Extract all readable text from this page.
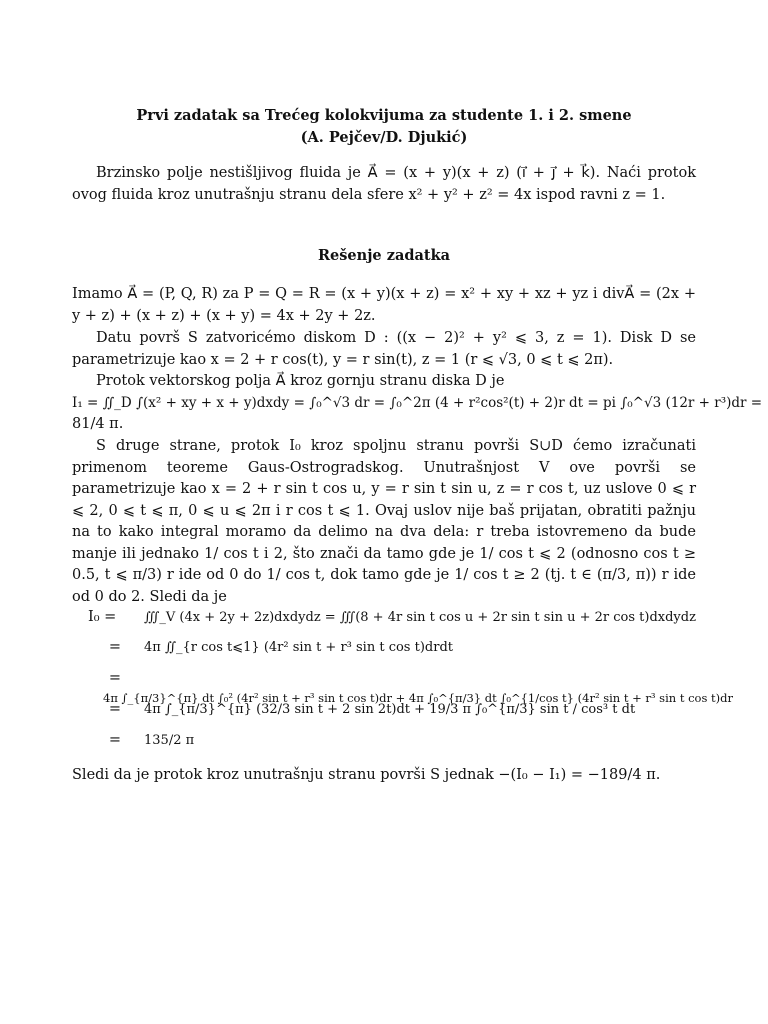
Prvi zadatak sa Trećeg kolokvijuma za studente 1. i 2. smene
(A. Pejčev/D. Djukić)
Brzinsko polje nestišljivog fluida je A⃗ = (x + y)(x + z) (i⃗ + j⃗ + k⃗). Naći protok ovog fluida kroz unutrašnju stranu dela sfere x² + y² + z² = 4x ispod ravni z = 1.
Rešenje zadatka
Imamo A⃗ = (P, Q, R) za P = Q = R = (x + y)(x + z) = x² + xy + xz + yz i divA⃗ = (2x + y + z) + (x + z) + (x + y) = 4x + 2y + 2z.
Datu površ S zatvoricémo diskom D : ((x − 2)² + y² ⩽ 3, z = 1). Disk D se parametrizuje kao x = 2 + r cos(t), y = r sin(t), z = 1 (r ⩽ √3, 0 ⩽ t ⩽ 2π).
Protok vektorskog polja A⃗ kroz gornju stranu diska D je
I₁ = ∬_D ∫(x² + xy + x + y)dxdy = ∫₀^√3 dr = ∫₀^2π (4 + r²cos²(t) + 2)r dt = pi ∫₀^√3 (12r + r³)dr =
81/4 π.
S druge strane, protok I₀ kroz spoljnu stranu površi S∪D ćemo izračunati primenom teoreme Gaus-Ostrogradskog. Unutrašnjost V ove površi se parametrizuje kao x = 2 + r sin t cos u, y = r sin t sin u, z = r cos t, uz uslove 0 ⩽ r ⩽ 2, 0 ⩽ t ⩽ π, 0 ⩽ u ⩽ 2π i r cos t ⩽ 1. Ovaj uslov nije baš prijatan, obratiti pažnju na to kako integral moramo da delimo na dva dela: r treba istovremeno da bude manje ili jednako 1/ cos t i 2, što znači da tamo gde je 1/ cos t ⩽ 2 (odnosno cos t ≥ 0.5, t ⩽ π/3) r ide od 0 do 1/ cos t, dok tamo gde je 1/ cos t ≥ 2 (tj. t ∈ (π/3, π)) r ide od 0 do 2. Sledi da je
I₀ = ∭_V (4x + 2y + 2z)dxdydz = ∭(8 + 4r sin t cos u + 2r sin t sin u + 2r cos t)dxdydz
= 4π ∬_{r cos t⩽1} (4r² sin t + r³ sin t cos t)drdt
=4π ∫_{π/3}^{π} dt ∫₀² (4r² sin t + r³ sin t cos t)dr + 4π ∫₀^{π/3} dt ∫₀^{1/cos t} (4r² sin t + r³ sin t cos t)dr
= 4π ∫_{π/3}^{π} (32/3 sin t + 2 sin 2t)dt + 19/3 π ∫₀^{π/3} sin t / cos³ t dt
= 135/2 π
Sledi da je protok kroz unutrašnju stranu površi S jednak −(I₀ − I₁) = −189/4 π.
